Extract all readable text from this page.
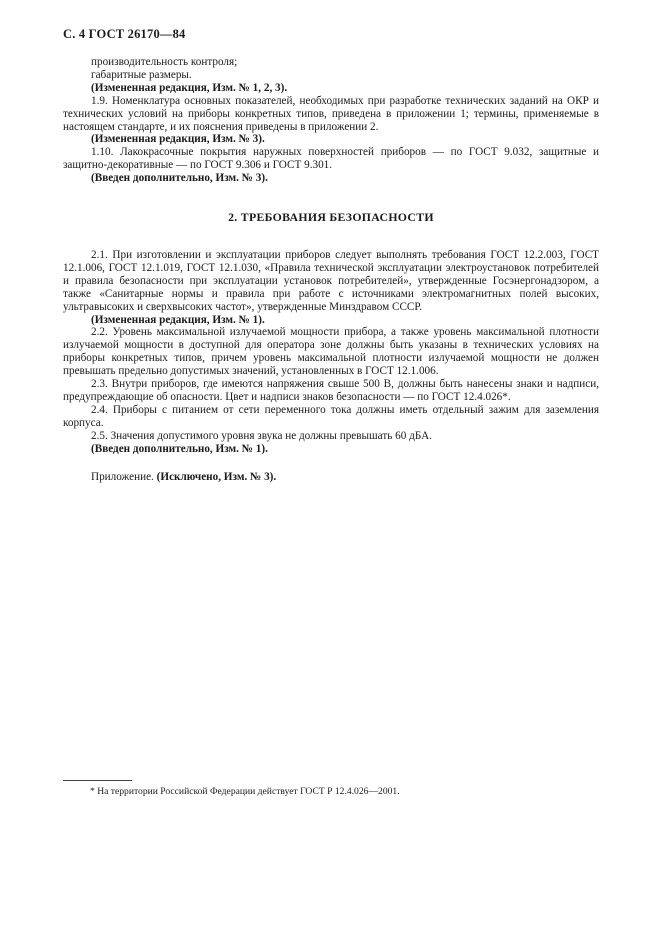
С. 4 ГОСТ 26170—84

производительность контроля;

габаритные размеры.

(Измененная редакция, Изм. № 1, 2, 3).

1.9. Номенклатура основных показателей, необходимых при разработке технических заданий на ОКР и технических условий на приборы конкретных типов, приведена в приложении 1; термины, применяемые в настоящем стандарте, и их пояснения приведены в приложении 2.

(Измененная редакция, Изм. № 3).

1.10. Лакокрасочные покрытия наружных поверхностей приборов — по ГОСТ 9.032, защитные и защитно-декоративные — по ГОСТ 9.306 и ГОСТ 9.301.

(Введен дополнительно, Изм. № 3).

2. ТРЕБОВАНИЯ БЕЗОПАСНОСТИ

2.1. При изготовлении и эксплуатации приборов следует выполнять требования ГОСТ 12.2.003, ГОСТ 12.1.006, ГОСТ 12.1.019, ГОСТ 12.1.030, «Правила технической эксплуатации электроустановок потребителей и правила безопасности при эксплуатации установок потребителей», утвержденные Госэнергонадзором, а также «Санитарные нормы и правила при работе с источниками электромагнитных полей высоких, ультравысоких и сверхвысоких частот», утвержденные Минздравом СССР.

(Измененная редакция, Изм. № 1).

2.2. Уровень максимальной излучаемой мощности прибора, а также уровень максимальной плотности излучаемой мощности в доступной для оператора зоне должны быть указаны в технических условиях на приборы конкретных типов, причем уровень максимальной плотности излучаемой мощности не должен превышать предельно допустимых значений, установленных в ГОСТ 12.1.006.

2.3. Внутри приборов, где имеются напряжения свыше 500 В, должны быть нанесены знаки и надписи, предупреждающие об опасности. Цвет и надписи знаков безопасности — по ГОСТ 12.4.026*.

2.4. Приборы с питанием от сети переменного тока должны иметь отдельный зажим для заземления корпуса.

2.5. Значения допустимого уровня звука не должны превышать 60 дБА.

(Введен дополнительно, Изм. № 1).

Приложение. (Исключено, Изм. № 3).

* На территории Российской Федерации действует ГОСТ Р 12.4.026—2001.
